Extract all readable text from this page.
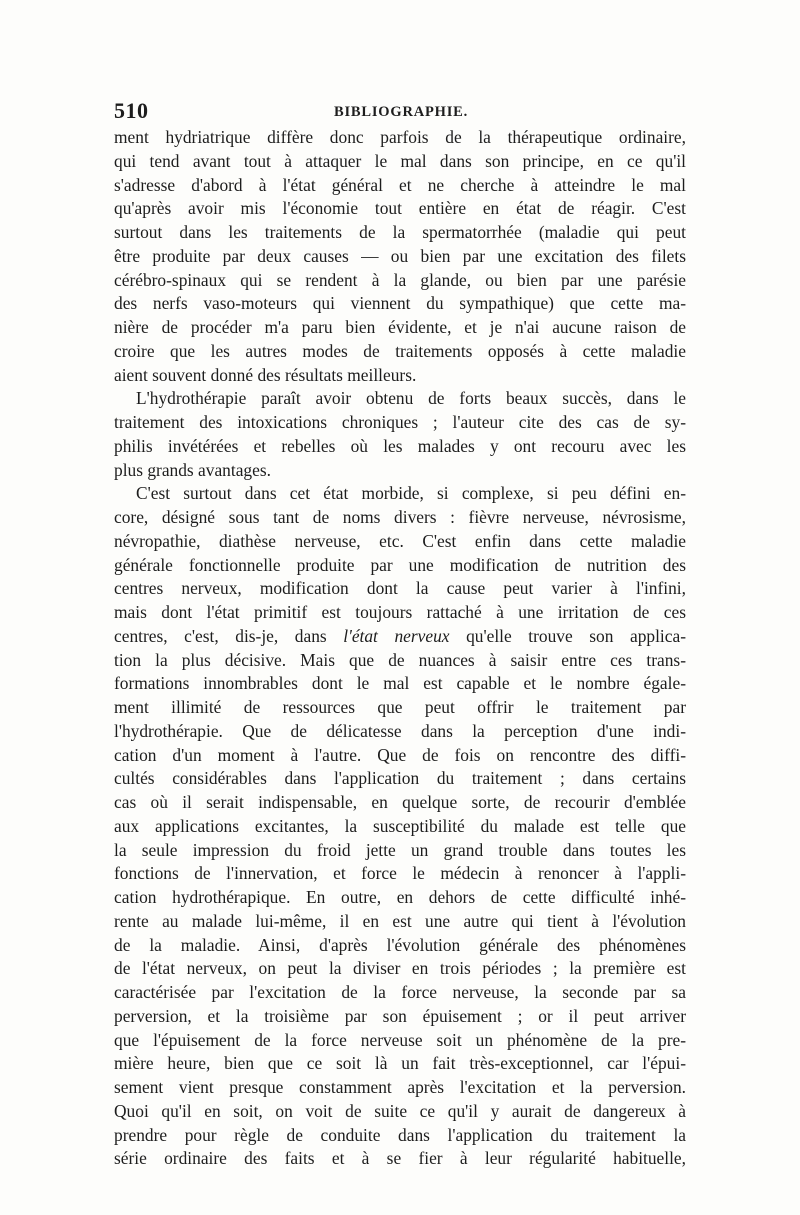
510	BIBLIOGRAPHIE.
ment hydriatrique diffère donc parfois de la thérapeutique ordinaire,
qui tend avant tout à attaquer le mal dans son principe, en ce qu'il
s'adresse d'abord à l'état général et ne cherche à atteindre le mal
qu'après avoir mis l'économie tout entière en état de réagir. C'est
surtout dans les traitements de la spermatorrhée (maladie qui peut
être produite par deux causes — ou bien par une excitation des filets
cérébro-spinaux qui se rendent à la glande, ou bien par une parésie
des nerfs vaso-moteurs qui viennent du sympathique) que cette ma-
nière de procéder m'a paru bien évidente, et je n'ai aucune raison de
croire que les autres modes de traitements opposés à cette maladie
aient souvent donné des résultats meilleurs.
L'hydrothérapie paraît avoir obtenu de forts beaux succès, dans le
traitement des intoxications chroniques ; l'auteur cite des cas de sy-
philis invétérées et rebelles où les malades y ont recouru avec les
plus grands avantages.
C'est surtout dans cet état morbide, si complexe, si peu défini en-
core, désigné sous tant de noms divers : fièvre nerveuse, névrosisme,
névropathie, diathèse nerveuse, etc. C'est enfin dans cette maladie
générale fonctionnelle produite par une modification de nutrition des
centres nerveux, modification dont la cause peut varier à l'infini,
mais dont l'état primitif est toujours rattaché à une irritation de ces
centres, c'est, dis-je, dans l'état nerveux qu'elle trouve son applica-
tion la plus décisive. Mais que de nuances à saisir entre ces trans-
formations innombrables dont le mal est capable et le nombre égale-
ment illimité de ressources que peut offrir le traitement par
l'hydrothérapie. Que de délicatesse dans la perception d'une indi-
cation d'un moment à l'autre. Que de fois on rencontre des diffi-
cultés considérables dans l'application du traitement ; dans certains
cas où il serait indispensable, en quelque sorte, de recourir d'emblée
aux applications excitantes, la susceptibilité du malade est telle que
la seule impression du froid jette un grand trouble dans toutes les
fonctions de l'innervation, et force le médecin à renoncer à l'appli-
cation hydrothérapique. En outre, en dehors de cette difficulté inhé-
rente au malade lui-même, il en est une autre qui tient à l'évolution
de la maladie. Ainsi, d'après l'évolution générale des phénomènes
de l'état nerveux, on peut la diviser en trois périodes ; la première est
caractérisée par l'excitation de la force nerveuse, la seconde par sa
perversion, et la troisième par son épuisement ; or il peut arriver
que l'épuisement de la force nerveuse soit un phénomène de la pre-
mière heure, bien que ce soit là un fait très-exceptionnel, car l'épui-
sement vient presque constamment après l'excitation et la perversion.
Quoi qu'il en soit, on voit de suite ce qu'il y aurait de dangereux à
prendre pour règle de conduite dans l'application du traitement la
série ordinaire des faits et à se fier à leur régularité habituelle,
